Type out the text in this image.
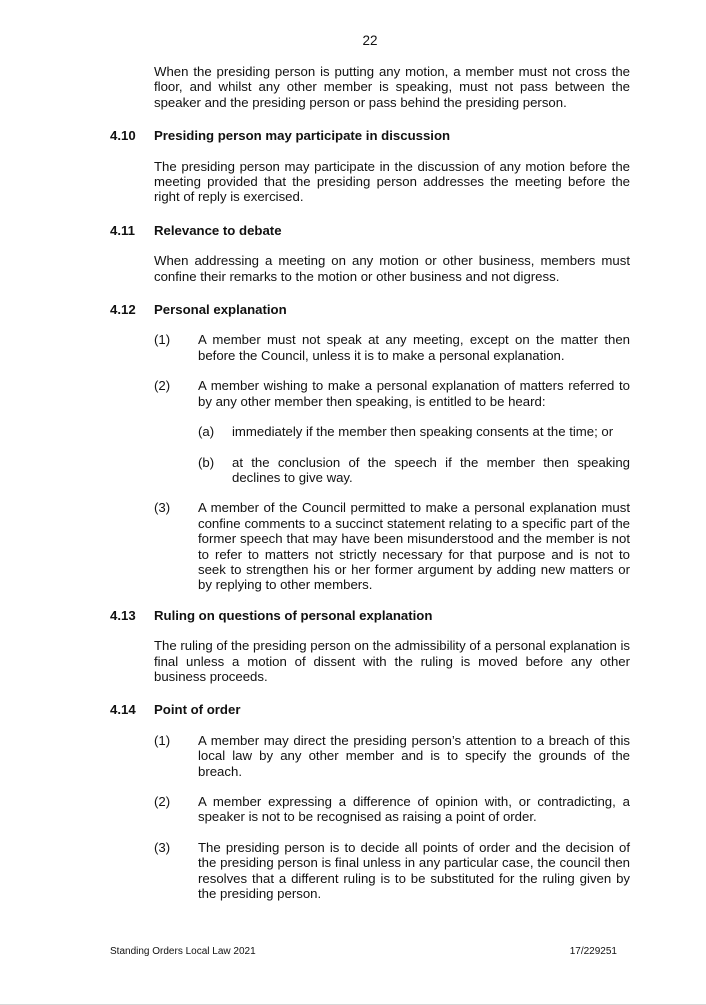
22

When the presiding person is putting any motion, a member must not cross the floor, and whilst any other member is speaking, must not pass between the speaker and the presiding person or pass behind the presiding person.

4.10	Presiding person may participate in discussion

The presiding person may participate in the discussion of any motion before the meeting provided that the presiding person addresses the meeting before the right of reply is exercised.

4.11	Relevance to debate

When addressing a meeting on any motion or other business, members must confine their remarks to the motion or other business and not digress.

4.12	Personal explanation
(1)	A member must not speak at any meeting, except on the matter then before the Council, unless it is to make a personal explanation.
(2)	A member wishing to make a personal explanation of matters referred to by any other member then speaking, is entitled to be heard:
(a)	immediately if the member then speaking consents at the time; or
(b)	at the conclusion of the speech if the member then speaking declines to give way.
(3)	A member of the Council permitted to make a personal explanation must confine comments to a succinct statement relating to a specific part of the former speech that may have been misunderstood and the member is not to refer to matters not strictly necessary for that purpose and is not to seek to strengthen his or her former argument by adding new matters or by replying to other members.
4.13	Ruling on questions of personal explanation

The ruling of the presiding person on the admissibility of a personal explanation is final unless a motion of dissent with the ruling is moved before any other business proceeds.

4.14	Point of order
(1)	A member may direct the presiding person’s attention to a breach of this local law by any other member and is to specify the grounds of the breach.
(2)	A member expressing a difference of opinion with, or contradicting, a speaker is not to be recognised as raising a point of order.
(3)	The presiding person is to decide all points of order and the decision of the presiding person is final unless in any particular case, the council then resolves that a different ruling is to be substituted for the ruling given by the presiding person.
Standing Orders Local Law 2021	17/229251
